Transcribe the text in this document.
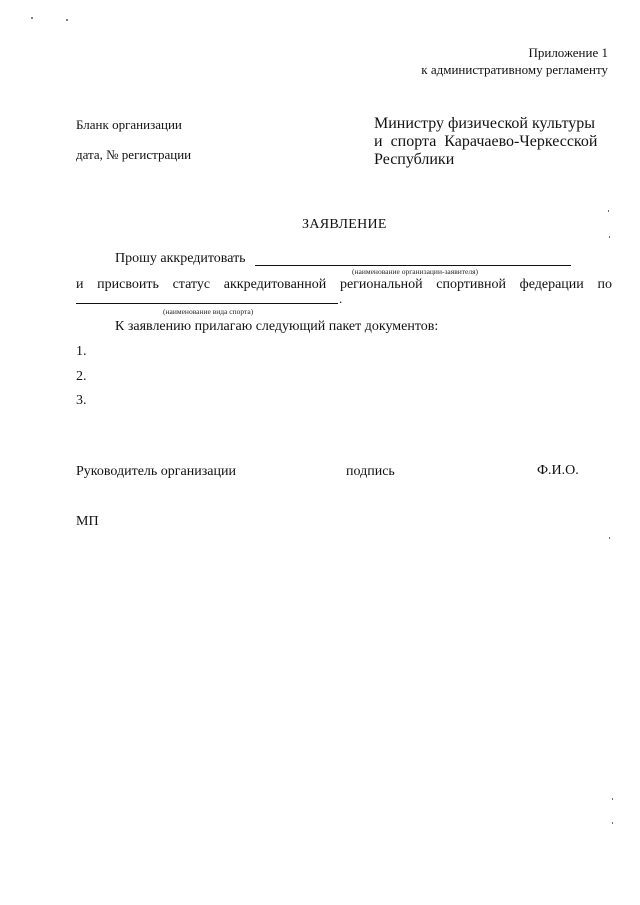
Приложение 1
к административному регламенту
Бланк организации
дата, № регистрации
Министру физической культуры
и спорта Карачаево-Черкесской
Республики
ЗАЯВЛЕНИЕ
Прошу аккредитовать
(наименование организации-заявителя)
и присвоить статус аккредитованной региональной спортивной федерации по
.
(наименование вида спорта)
К заявлению прилагаю следующий пакет документов:
1.
2.
3.
Руководитель организации	подпись	Ф.И.О.
МП
